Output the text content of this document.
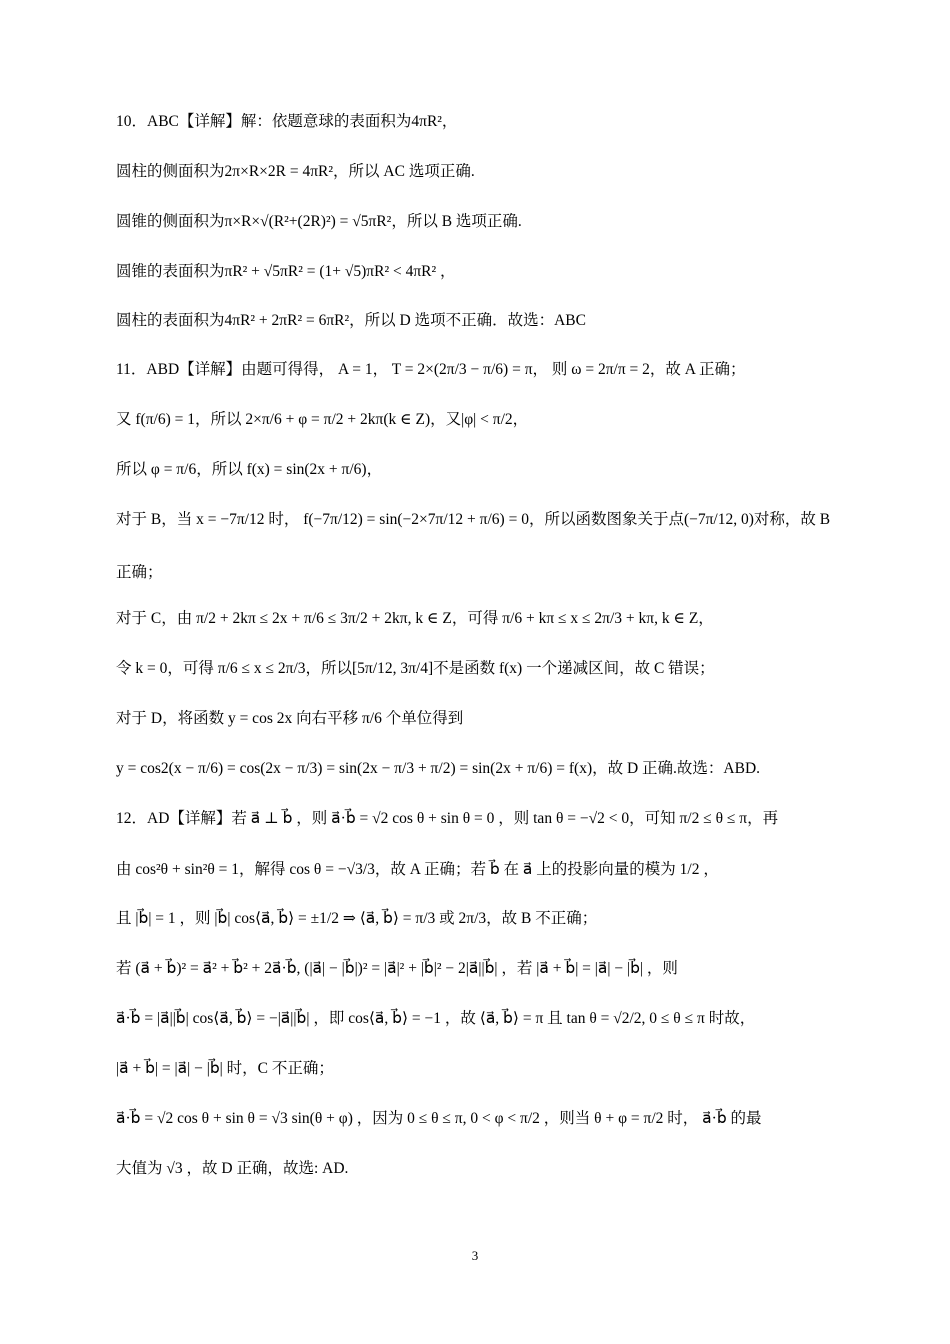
10．ABC【详解】解：依题意球的表面积为4πR²，
圆柱的侧面积为2π×R×2R = 4πR²，所以 AC 选项正确.
圆锥的侧面积为π×R×√(R²+(2R)²) = √5πR²，所以 B 选项正确.
圆锥的表面积为πR² + √5πR² = (1+ √5)πR² < 4πR² ，
圆柱的表面积为4πR² + 2πR² = 6πR²，所以 D 选项不正确．故选：ABC
11．ABD【详解】由题可得得， A = 1， T = 2×(2π/3 − π/6) = π， 则 ω = 2π/π = 2，故 A 正确；
又 f(π/6) = 1，所以 2×π/6 + φ = π/2 + 2kπ(k ∈ Z)，又|φ| < π/2，
所以 φ = π/6，所以 f(x) = sin(2x + π/6)，
对于 B，当 x = −7π/12 时， f(−7π/12) = sin(−2×7π/12 + π/6) = 0，所以函数图象关于点(−7π/12, 0)对称，故 B
正确；
对于 C，由 π/2 + 2kπ ≤ 2x + π/6 ≤ 3π/2 + 2kπ, k ∈ Z，可得 π/6 + kπ ≤ x ≤ 2π/3 + kπ, k ∈ Z，
令 k = 0，可得 π/6 ≤ x ≤ 2π/3，所以[5π/12, 3π/4]不是函数 f(x) 一个递减区间，故 C 错误；
对于 D，将函数 y = cos 2x 向右平移 π/6 个单位得到
y = cos2(x − π/6) = cos(2x − π/3) = sin(2x − π/3 + π/2) = sin(2x + π/6) = f(x)，故 D 正确.故选：ABD.
12．AD【详解】若 a⃗ ⊥ b⃗ ，则 a⃗·b⃗ = √2 cos θ + sin θ = 0 ，则 tan θ = −√2 < 0，可知 π/2 ≤ θ ≤ π，再
由 cos²θ + sin²θ = 1，解得 cos θ = −√3/3，故 A 正确；若 b⃗ 在 a⃗ 上的投影向量的模为 1/2 ，
且 |b⃗| = 1 ，则 |b⃗| cos⟨a⃗, b⃗⟩ = ±1/2 ⇒ ⟨a⃗, b⃗⟩ = π/3 或 2π/3，故 B 不正确；
若 (a⃗ + b⃗)² = a⃗² + b⃗² + 2a⃗·b⃗, (|a⃗| − |b⃗|)² = |a⃗|² + |b⃗|² − 2|a⃗||b⃗| ，若 |a⃗ + b⃗| = |a⃗| − |b⃗| ，则
a⃗·b⃗ = |a⃗||b⃗| cos⟨a⃗, b⃗⟩ = −|a⃗||b⃗| ，即 cos⟨a⃗, b⃗⟩ = −1 ，故 ⟨a⃗, b⃗⟩ = π 且 tan θ = √2/2, 0 ≤ θ ≤ π 时故，
|a⃗ + b⃗| = |a⃗| − |b⃗| 时，C 不正确；
a⃗·b⃗ = √2 cos θ + sin θ = √3 sin(θ + φ) ，因为 0 ≤ θ ≤ π, 0 < φ < π/2 ，则当 θ + φ = π/2 时， a⃗·b⃗ 的最
大值为 √3 ，故 D 正确，故选: AD.
3
